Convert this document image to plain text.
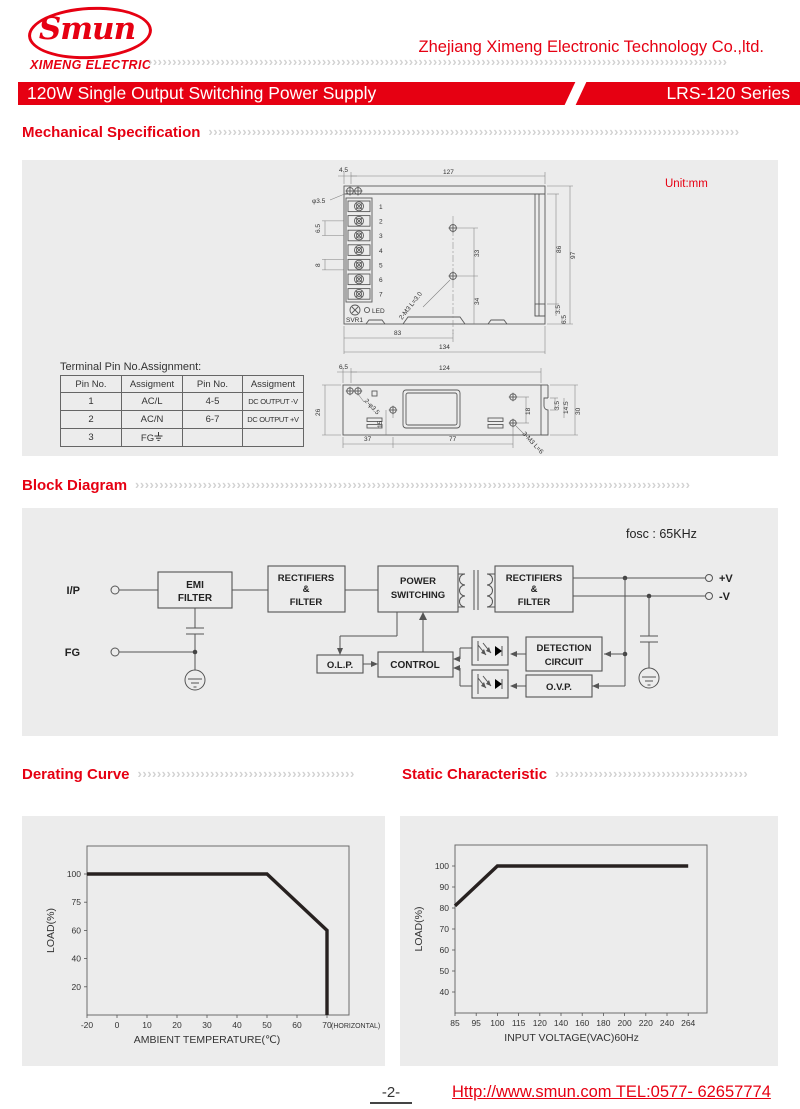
Smun
XIMENG ELECTRIC
Zhejiang Ximeng Electronic Technology Co.,ltd.
››››››››››››››››››››››››››››››››››››››››››››››››››››››››››››››››››››››››››››››››››››››››››››››››››››››››››››››››››››››››
120W Single Output Switching Power Supply	LRS-120 Series
Mechanical Specification ››››››››››››››››››››››››››››››››››››››››››››››››››››››››››››››››››››››››››››››››››››››››››››››››››››››››››››››
Unit:mm
φ3.5
4.5	127
1
2
3
4
5
6
7
6.5
8
LED
SVR1
33
34
2-M3 L=3.0
86
97
3.5
6.5
83
134
2-φ3.5
6.5	124
26
15
18
3.5 14.5 30
37	77	3-M3 L=6
Terminal Pin No.Assignment:
Pin No.	Assigment	Pin No.	Assigment
1	AC/L	4-5	DC OUTPUT -V
2	AC/N	6-7	DC OUTPUT +V
3	FG		
Block Diagram ›››››››››››››››››››››››››››››››››››››››››››››››››››››››››››››››››››››››››››››››››››››››››››››››››››››››››››››››››››
fosc : 65KHz
I/P
FG
EMI
FILTER
RECTIFIERS
&
FILTER
POWER
SWITCHING
RECTIFIERS
&
FILTER
+V
-V
O.L.P.	CONTROL
DETECTION
CIRCUIT
O.V.P.
Derating Curve ›››››››››››››››››››››››››››››››››››››››››››››	Static Characteristic ››››››››››››››››››››››››››››››››››››››››
-20	0	10 20 30 40 50 60 70 (HORIZONTAL)
20
40
60
75
100
AMBIENT TEMPERATURE(℃)
LOAD(%)
85 95 100 115 120 140 160 180 200 220 240 264
40
50
60
70
80
90
100
INPUT VOLTAGE(VAC)60Hz
LOAD(%)
-2-	Http://www.smun.com TEL:0577- 62657774
